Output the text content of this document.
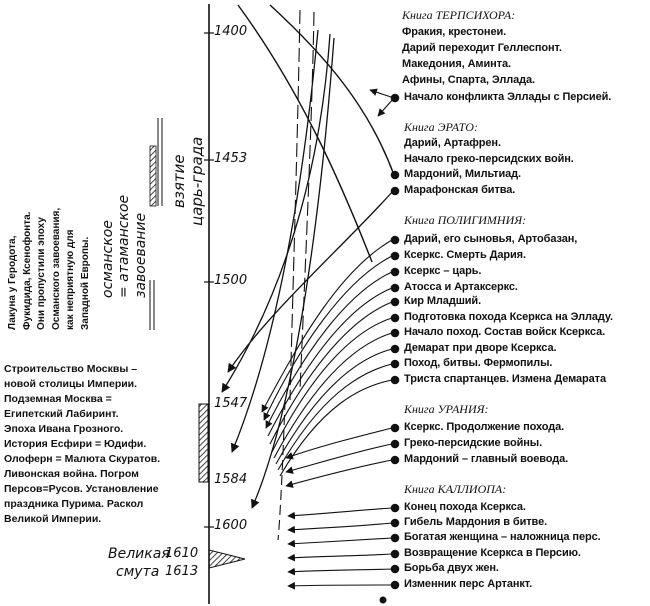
1400
1453
1500
1547
1584
1600
1610
1613
взятие царь-града
османское = атаманское завоевание
Лакуна у Геродота, Фукидида, Ксенофонта. Они пропустили эпоху Османского завоевания, как неприятную для Западной Европы.
Строительство Москвы –
новой столицы Империи.
Подземная Москва =
Египетский Лабиринт.
Эпоха Ивана Грозного.
История Есфири = Юдифи.
Олоферн = Малюта Скуратов.
Ливонская война. Погром
Персов=Русов. Установление
праздника Пурима. Раскол
Великой Империи.
Великая
смута
Книга ТЕРПСИХОРА:
Фракия, крестонеи.
Дарий переходит Геллеспонт.
Македония, Аминта.
Афины, Спарта, Эллада.
Начало конфликта Эллады с Персией.
Книга ЭРАТО:
Дарий, Артафрен.
Начало греко-персидских войн.
Мардоний, Мильтиад.
Марафонская битва.
Книга ПОЛИГИМНИЯ:
Дарий, его сыновья, Артобазан,
Ксеркс. Смерть Дария.
Ксеркс – царь.
Атосса и Артаксеркс.
Кир Младший.
Подготовка похода Ксеркса на Элладу.
Начало поход. Состав войск Ксеркса.
Демарат при дворе Ксеркса.
Поход, битвы. Фермопилы.
Триста спартанцев. Измена Демарата
Книга УРАНИЯ:
Ксеркс. Продолжение похода.
Греко-персидские войны.
Мардоний – главный воевода.
Книга КАЛЛИОПА:
Конец похода Ксеркса.
Гибель Мардония в битве.
Богатая женщина – наложница перс.
Возвращение Ксеркса в Персию.
Борьба двух жен.
Изменник перс Артанкт.
